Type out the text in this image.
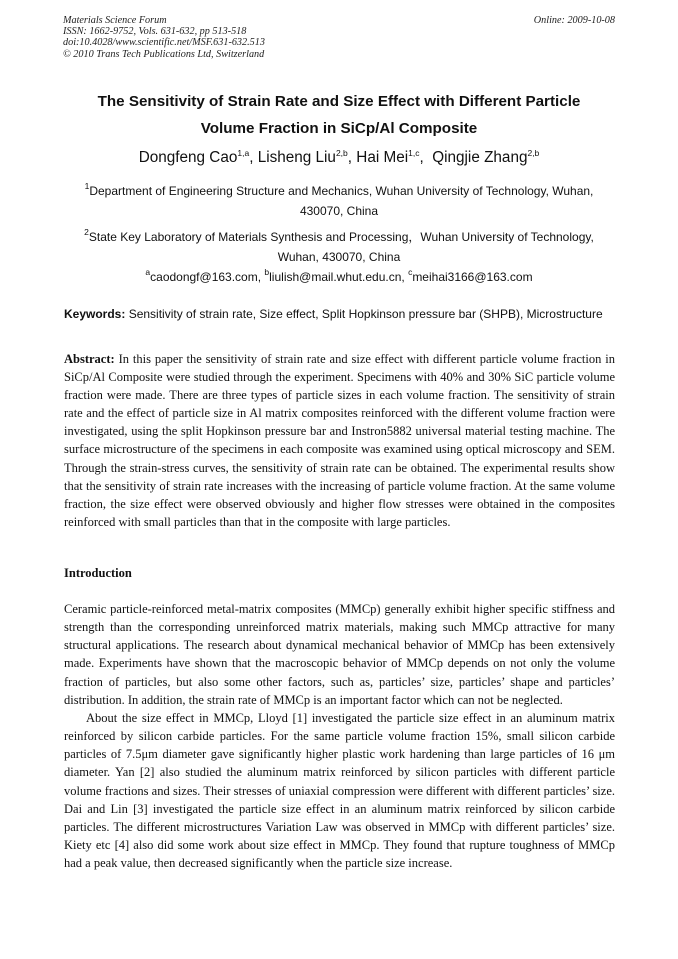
Materials Science Forum
ISSN: 1662-9752, Vols. 631-632, pp 513-518
doi:10.4028/www.scientific.net/MSF.631-632.513
© 2010 Trans Tech Publications Ltd, Switzerland
Online: 2009-10-08
The Sensitivity of Strain Rate and Size Effect with Different Particle
Volume Fraction in SiCp/Al Composite
Dongfeng Cao$^{1,a}$, Lisheng Liu$^{2,b}$, Hai Mei$^{1,c}$,  Qingjie Zhang$^{2,b}$
$^1$Department of Engineering Structure and Mechanics, Wuhan University of Technology, Wuhan, 430070, China
$^2$State Key Laboratory of Materials Synthesis and Processing，Wuhan University of Technology, Wuhan, 430070, China
$^a$caodongf@163.com, $^b$liulish@mail.whut.edu.cn, $^c$meihai3166@163.com
Keywords: Sensitivity of strain rate, Size effect, Split Hopkinson pressure bar (SHPB), Microstructure
Abstract: In this paper the sensitivity of strain rate and size effect with different particle volume fraction in SiCp/Al Composite were studied through the experiment. Specimens with 40% and 30% SiC particle volume fraction were made. There are three types of particle sizes in each volume fraction. The sensitivity of strain rate and the effect of particle size in Al matrix composites reinforced with the different volume fraction were investigated, using the split Hopkinson pressure bar and Instron5882 universal material testing machine. The surface microstructure of the specimens in each composite was examined using optical microscopy and SEM. Through the strain-stress curves, the sensitivity of strain rate can be obtained. The experimental results show that the sensitivity of strain rate increases with the increasing of particle volume fraction. At the same volume fraction, the size effect were observed obviously and higher flow stresses were obtained in the composites reinforced with small particles than that in the composite with large particles.
Introduction

Ceramic particle-reinforced metal-matrix composites (MMCp) generally exhibit higher specific stiffness and strength than the corresponding unreinforced matrix materials, making such MMCp attractive for many structural applications. The research about dynamical mechanical behavior of MMCp has been extensively made. Experiments have shown that the macroscopic behavior of MMCp depends on not only the volume fraction of particles, but also some other factors, such as, particles’ size, particles’ shape and particles’ distribution. In addition, the strain rate of MMCp is an important factor which can not be neglected.

About the size effect in MMCp, Lloyd [1] investigated the particle size effect in an aluminum matrix reinforced by silicon carbide particles. For the same particle volume fraction 15%, small silicon carbide particles of 7.5μm diameter gave significantly higher plastic work hardening than large particles of 16 μm diameter. Yan [2] also studied the aluminum matrix reinforced by silicon particles with different particle volume fractions and sizes. Their stresses of uniaxial compression were different with different particles’ size. Dai and Lin [3] investigated the particle size effect in an aluminum matrix reinforced by silicon carbide particles. The different microstructures Variation Law was observed in MMCp with different particles’ size. Kiety etc [4] also did some work about size effect in MMCp. They found that rupture toughness of MMCp had a peak value, then decreased significantly when the particle size increase.
